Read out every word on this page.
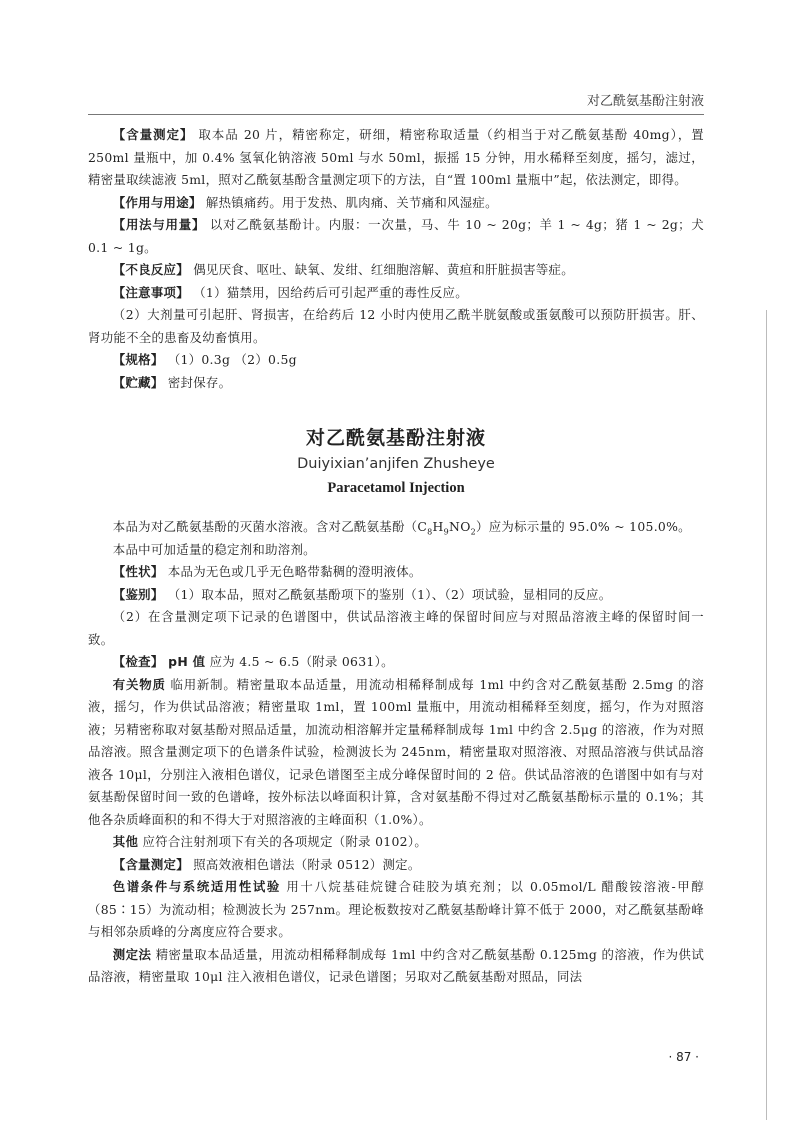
对乙酰氨基酚注射液

【含量测定】 取本品 20 片，精密称定，研细，精密称取适量（约相当于对乙酰氨基酚 40mg），置 250ml 量瓶中，加 0.4% 氢氧化钠溶液 50ml 与水 50ml，振摇 15 分钟，用水稀释至刻度，摇匀，滤过，精密量取续滤液 5ml，照对乙酰氨基酚含量测定项下的方法，自“置 100ml 量瓶中”起，依法测定，即得。

【作用与用途】 解热镇痛药。用于发热、肌肉痛、关节痛和风湿症。

【用法与用量】 以对乙酰氨基酚计。内服：一次量，马、牛 10 ~ 20g；羊 1 ~ 4g；猪 1 ~ 2g；犬 0.1 ~ 1g。

【不良反应】 偶见厌食、呕吐、缺氧、发绀、红细胞溶解、黄疸和肝脏损害等症。

【注意事项】 （1）猫禁用，因给药后可引起严重的毒性反应。

（2）大剂量可引起肝、肾损害，在给药后 12 小时内使用乙酰半胱氨酸或蛋氨酸可以预防肝损害。肝、肾功能不全的患畜及幼畜慎用。

【规格】 （1）0.3g （2）0.5g

【贮藏】 密封保存。

对乙酰氨基酚注射液
Duiyixian’anjifen Zhusheye
Paracetamol Injection

本品为对乙酰氨基酚的灭菌水溶液。含对乙酰氨基酚$(C_8H_9NO_2)$应为标示量的 95.0% ~ 105.0%。

本品中可加适量的稳定剂和助溶剂。

【性状】 本品为无色或几乎无色略带黏稠的澄明液体。

【鉴别】 （1）取本品，照对乙酰氨基酚项下的鉴别（1）、（2）项试验，显相同的反应。

（2）在含量测定项下记录的色谱图中，供试品溶液主峰的保留时间应与对照品溶液主峰的保留时间一致。

【检查】 pH 值 应为 4.5 ~ 6.5（附录 0631）。

有关物质 临用新制。精密量取本品适量，用流动相稀释制成每 1ml 中约含对乙酰氨基酚 2.5mg 的溶液，摇匀，作为供试品溶液；精密量取 1ml，置 100ml 量瓶中，用流动相稀释至刻度，摇匀，作为对照溶液；另精密称取对氨基酚对照品适量，加流动相溶解并定量稀释制成每 1ml 中约含 2.5μg 的溶液，作为对照品溶液。照含量测定项下的色谱条件试验，检测波长为 245nm，精密量取对照溶液、对照品溶液与供试品溶液各 10μl，分别注入液相色谱仪，记录色谱图至主成分峰保留时间的 2 倍。供试品溶液的色谱图中如有与对氨基酚保留时间一致的色谱峰，按外标法以峰面积计算，含对氨基酚不得过对乙酰氨基酚标示量的 0.1%；其他各杂质峰面积的和不得大于对照溶液的主峰面积（1.0%）。

其他 应符合注射剂项下有关的各项规定（附录 0102）。

【含量测定】 照高效液相色谱法（附录 0512）测定。

色谱条件与系统适用性试验 用十八烷基硅烷键合硅胶为填充剂；以 0.05mol/L 醋酸铵溶液-甲醇（85∶15）为流动相；检测波长为 257nm。理论板数按对乙酰氨基酚峰计算不低于 2000，对乙酰氨基酚峰与相邻杂质峰的分离度应符合要求。

测定法 精密量取本品适量，用流动相稀释制成每 1ml 中约含对乙酰氨基酚 0.125mg 的溶液，作为供试品溶液，精密量取 10μl 注入液相色谱仪，记录色谱图；另取对乙酰氨基酚对照品，同法

· 87 ·
